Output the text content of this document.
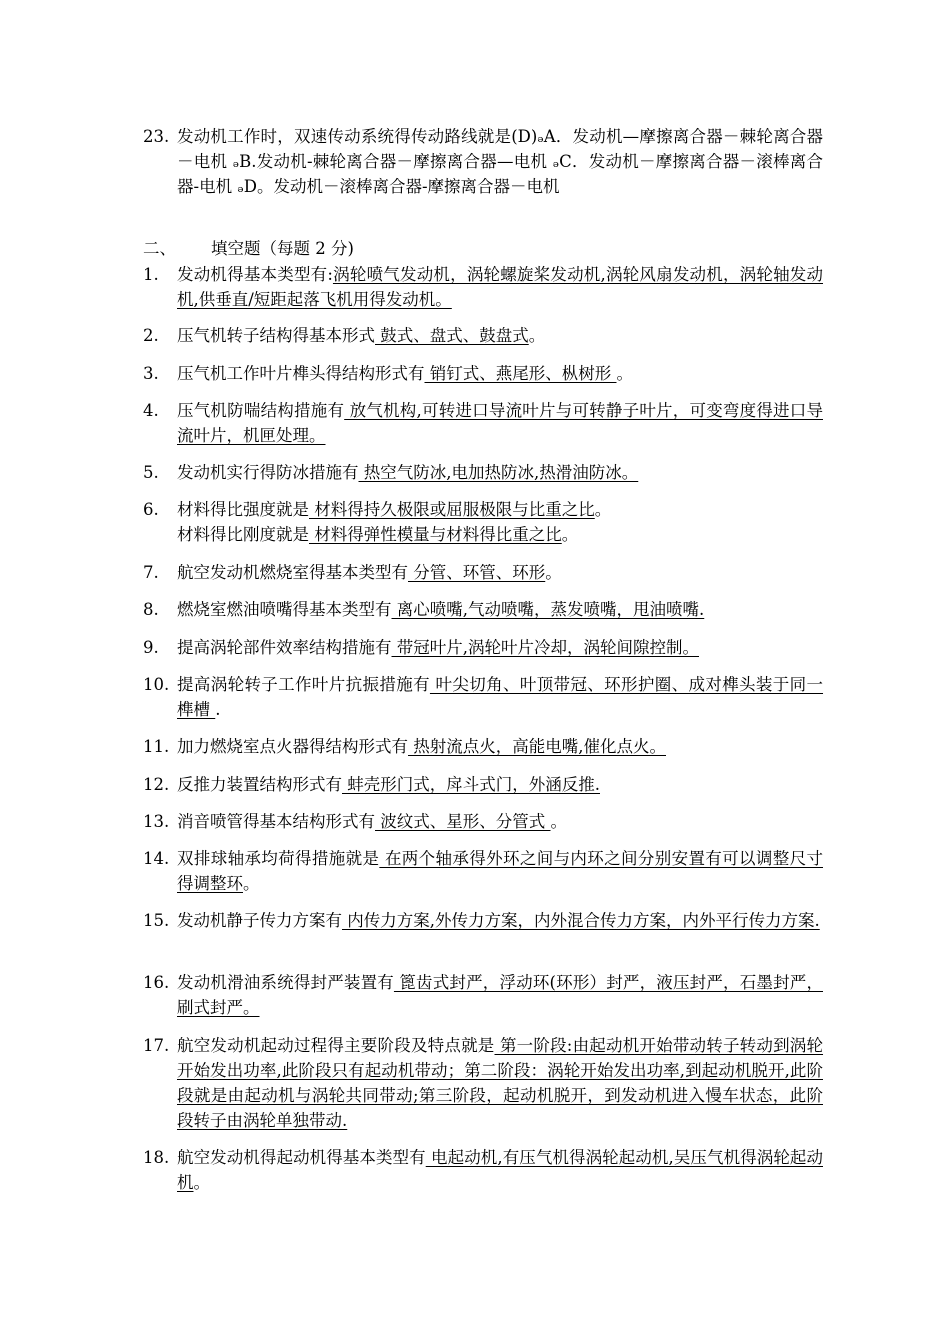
23. 发动机工作时，双速传动系统得传动路线就是(D)ₔA．发动机—摩擦离合器－棘轮离合器－电机 ₔB.发动机-棘轮离合器－摩擦离合器—电机 ₔC．发动机－摩擦离合器－滚棒离合器-电机 ₔD。发动机－滚棒离合器-摩擦离合器－电机
二、 填空题（每题 2 分)
1.	发动机得基本类型有:涡轮喷气发动机，涡轮螺旋桨发动机,涡轮风扇发动机，涡轮轴发动机,供垂直/短距起落飞机用得发动机。
2.	压气机转子结构得基本形式 鼓式、盘式、鼓盘式。
3.	压气机工作叶片榫头得结构形式有 销钉式、燕尾形、枞树形 。
4.	压气机防喘结构措施有 放气机构,可转进口导流叶片与可转静子叶片，可变弯度得进口导流叶片，机匣处理。
5.	发动机实行得防冰措施有 热空气防冰,电加热防冰,热滑油防冰。
6.	材料得比强度就是 材料得持久极限或屈服极限与比重之比。
材料得比刚度就是 材料得弹性模量与材料得比重之比。
7.	航空发动机燃烧室得基本类型有 分管、环管、环形。
8.	燃烧室燃油喷嘴得基本类型有 离心喷嘴,气动喷嘴，蒸发喷嘴，甩油喷嘴.
9.	提高涡轮部件效率结构措施有 带冠叶片,涡轮叶片冷却，涡轮间隙控制。
10. 提高涡轮转子工作叶片抗振措施有 叶尖切角、叶顶带冠、环形护圈、成对榫头装于同一榫槽 .
11. 加力燃烧室点火器得结构形式有 热射流点火，高能电嘴,催化点火。
12. 反推力装置结构形式有 蚌壳形门式，戽斗式门，外涵反推.
13. 消音喷管得基本结构形式有 波纹式、星形、分管式 。
14. 双排球轴承均荷得措施就是 在两个轴承得外环之间与内环之间分别安置有可以调整尺寸得调整环。
15. 发动机静子传力方案有 内传力方案,外传力方案，内外混合传力方案，内外平行传力方案.
16. 发动机滑油系统得封严装置有 篦齿式封严，浮动环(环形）封严，液压封严，石墨封严，刷式封严。
17. 航空发动机起动过程得主要阶段及特点就是 第一阶段:由起动机开始带动转子转动到涡轮开始发出功率,此阶段只有起动机带动；第二阶段：涡轮开始发出功率,到起动机脱开,此阶段就是由起动机与涡轮共同带动;第三阶段，起动机脱开，到发动机进入慢车状态，此阶段转子由涡轮单独带动.
18. 航空发动机得起动机得基本类型有 电起动机,有压气机得涡轮起动机,吴压气机得涡轮起动机。
